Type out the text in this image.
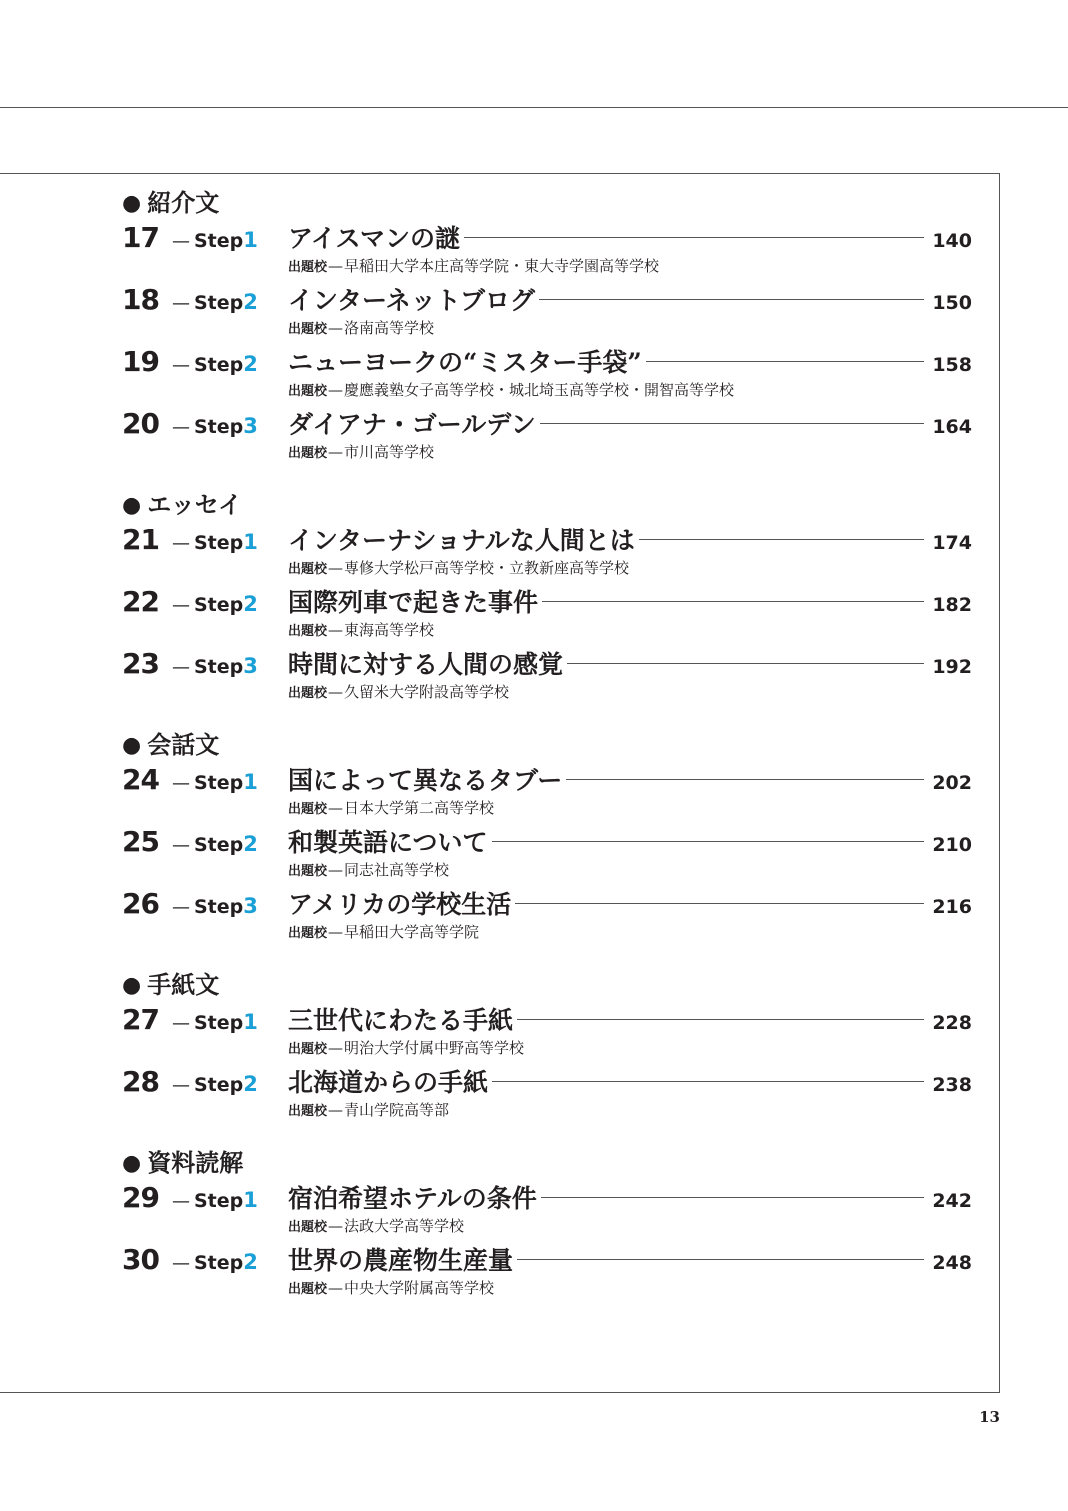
● 紹介文
17 — Step1	アイスマンの謎	140
出題校—早稲田大学本庄高等学院・東大寺学園高等学校
18 — Step2	インターネットブログ	150
出題校—洛南高等学校
19 — Step2	ニューヨークの“ミスター手袋”	158
出題校—慶應義塾女子高等学校・城北埼玉高等学校・開智高等学校
20 — Step3	ダイアナ・ゴールデン	164
出題校—市川高等学校
● エッセイ
21 — Step1	インターナショナルな人間とは	174
出題校—専修大学松戸高等学校・立教新座高等学校
22 — Step2	国際列車で起きた事件	182
出題校—東海高等学校
23 — Step3	時間に対する人間の感覚	192
出題校—久留米大学附設高等学校
● 会話文
24 — Step1	国によって異なるタブー	202
出題校—日本大学第二高等学校
25 — Step2	和製英語について	210
出題校—同志社高等学校
26 — Step3	アメリカの学校生活	216
出題校—早稲田大学高等学院
● 手紙文
27 — Step1	三世代にわたる手紙	228
出題校—明治大学付属中野高等学校
28 — Step2	北海道からの手紙	238
出題校—青山学院高等部
● 資料読解
29 — Step1	宿泊希望ホテルの条件	242
出題校—法政大学高等学校
30 — Step2	世界の農産物生産量	248
出題校—中央大学附属高等学校
13
